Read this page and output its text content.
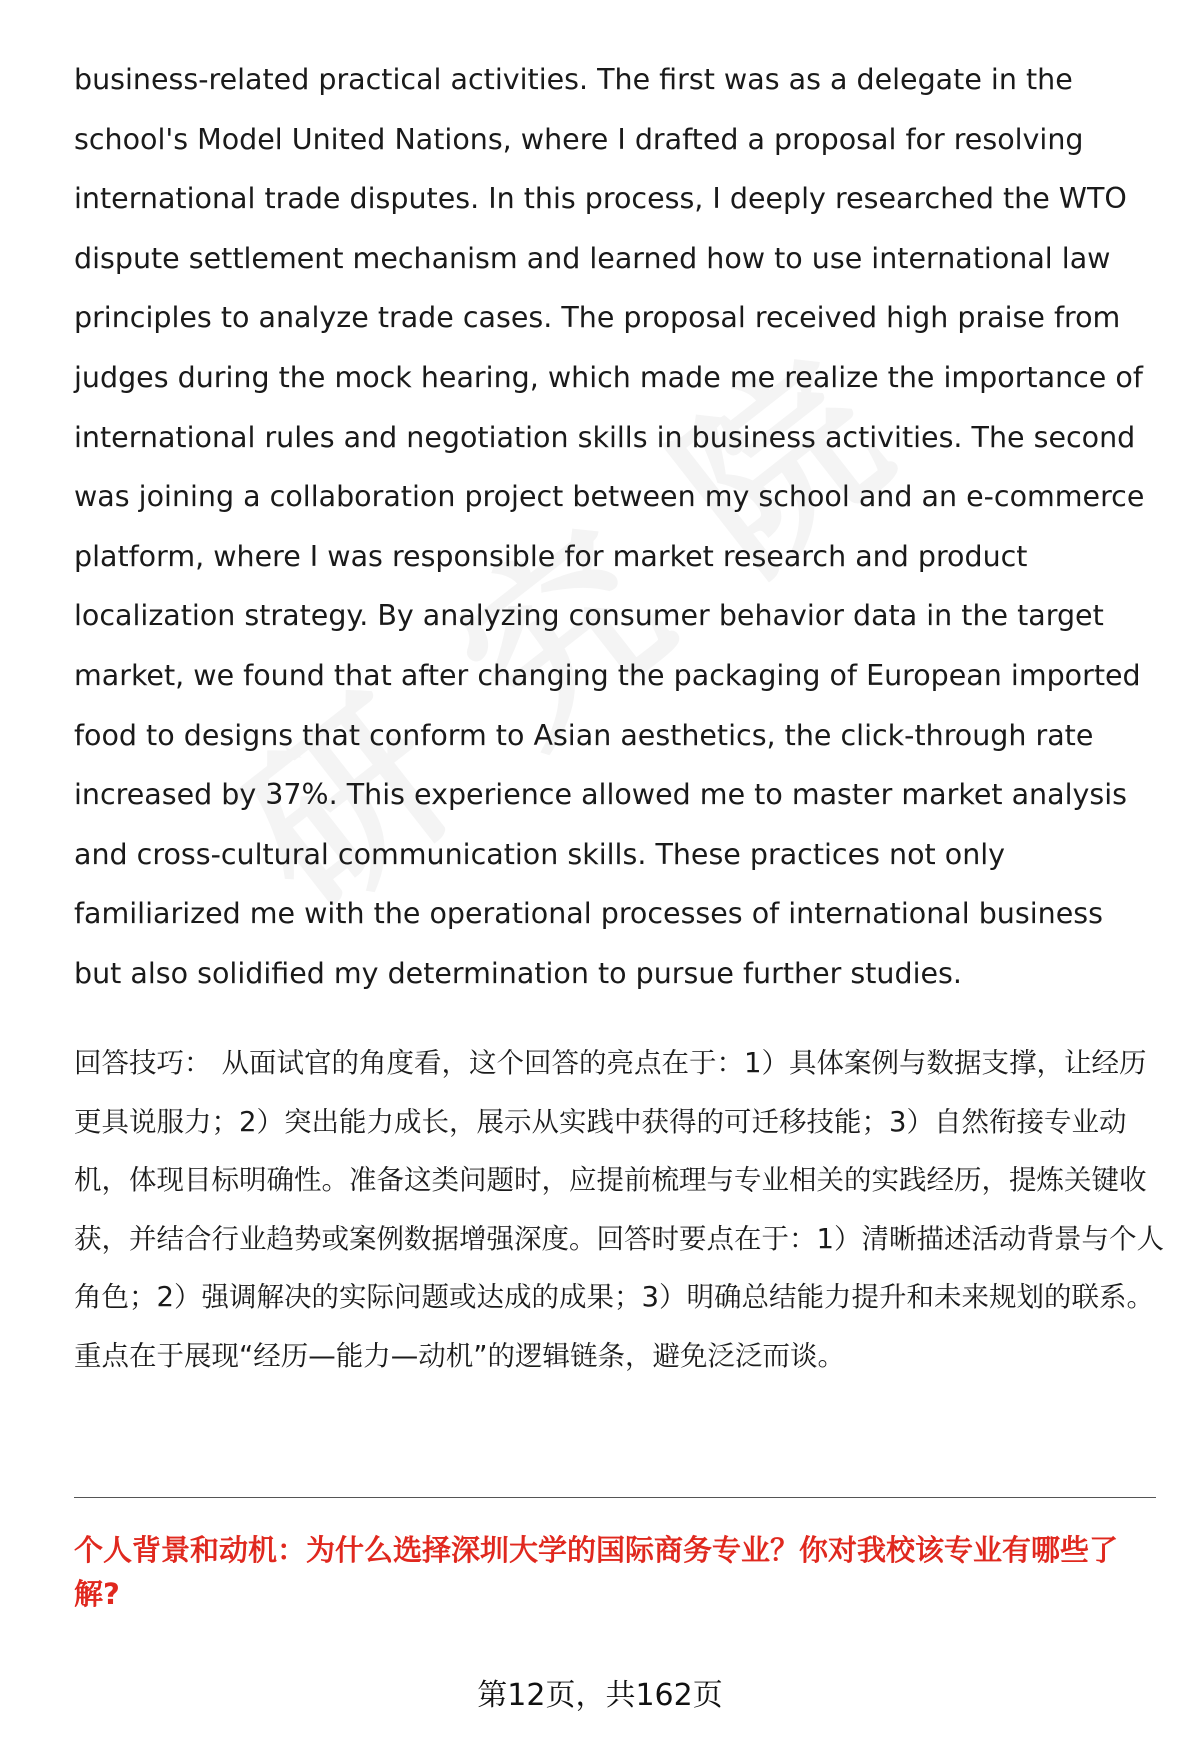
business-related practical activities. The first was as a delegate in the school's Model United Nations, where I drafted a proposal for resolving international trade disputes. In this process, I deeply researched the WTO dispute settlement mechanism and learned how to use international law principles to analyze trade cases. The proposal received high praise from judges during the mock hearing, which made me realize the importance of international rules and negotiation skills in business activities. The second was joining a collaboration project between my school and an e-commerce platform, where I was responsible for market research and product localization strategy. By analyzing consumer behavior data in the target market, we found that after changing the packaging of European imported food to designs that conform to Asian aesthetics, the click-through rate increased by 37%. This experience allowed me to master market analysis and cross-cultural communication skills. These practices not only familiarized me with the operational processes of international business but also solidified my determination to pursue further studies.

回答技巧： 从面试官的角度看，这个回答的亮点在于：1）具体案例与数据支撑，让经历更具说服力；2）突出能力成长，展示从实践中获得的可迁移技能；3）自然衔接专业动机，体现目标明确性。准备这类问题时，应提前梳理与专业相关的实践经历，提炼关键收获，并结合行业趋势或案例数据增强深度。回答时要点在于：1）清晰描述活动背景与个人角色；2）强调解决的实际问题或达成的成果；3）明确总结能力提升和未来规划的联系。重点在于展现“经历—能力—动机”的逻辑链条，避免泛泛而谈。

个人背景和动机：为什么选择深圳大学的国际商务专业？你对我校该专业有哪些了解?

第12页，共162页
